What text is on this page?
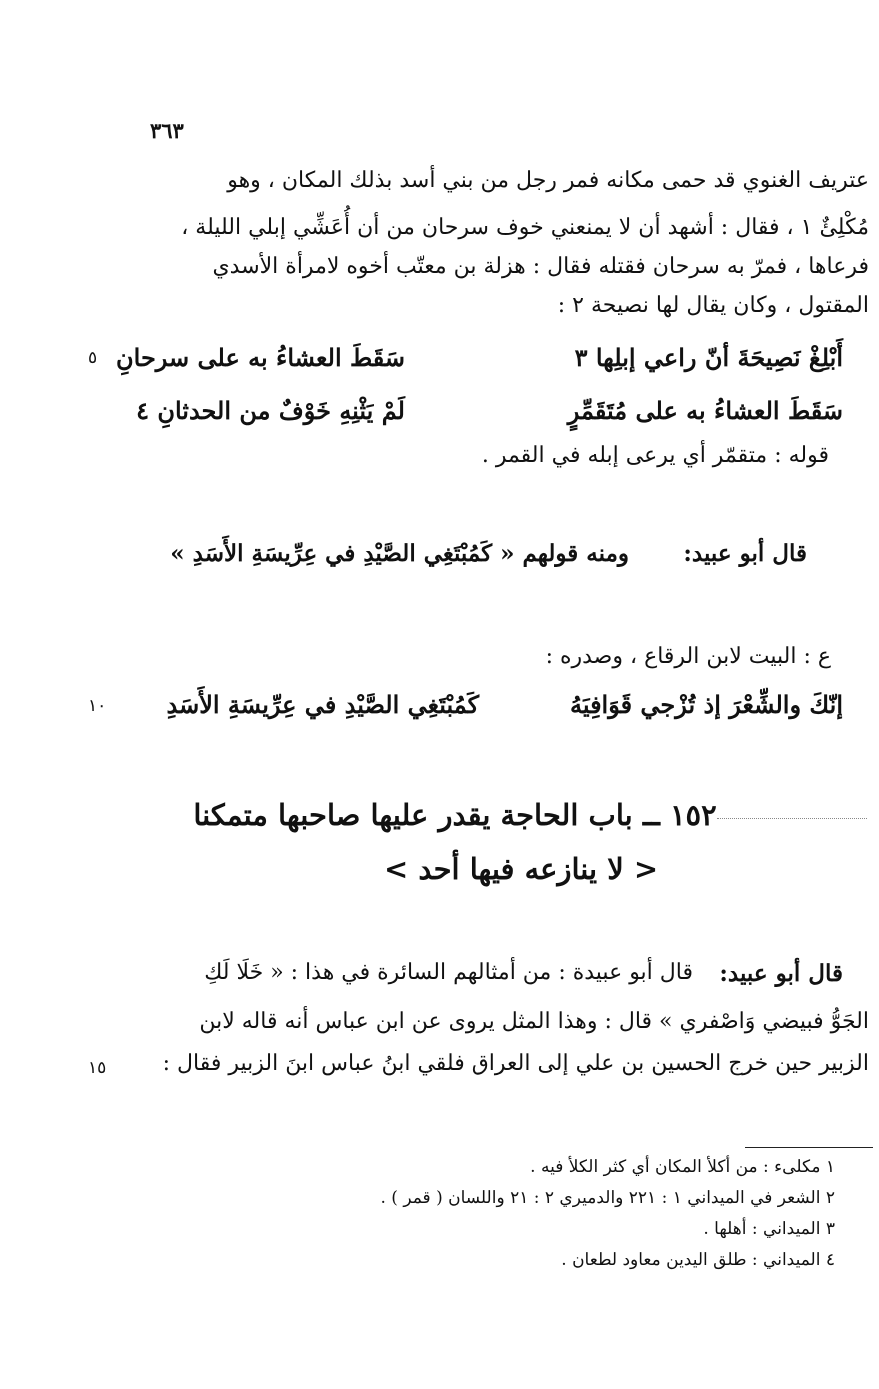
٣٦٣
عتريف الغنوي قد حمى مكانه فمر رجل من بني أسد بذلك المكان ، وهو
مُكْلِئٌ ١ ، فقال : أشهد أن لا يمنعني خوف سرحان من أن أُعَشِّي إبلي الليلة ،
فرعاها ، فمرّ به سرحان فقتله فقال : هزلة بن معتّب أخوه لامرأة الأسدي
المقتول ، وكان يقال لها نصيحة ٢ :
أَبْلِغْ نَصِيحَةَ أنّ راعي إبلِها ٣
سَقَطَ العشاءُ به على سرحانِ
٥
سَقَطَ العشاءُ به على مُتَقَمِّرٍ
لَمْ يَثْنِهِ خَوْفٌ من الحدثانِ ٤
قوله : متقمّر أي يرعى إبله في القمر .
قال أبو عبيد:
ومنه قولهم « كَمُبْتَغِي الصَّيْدِ في عِرِّيسَةِ الأَسَدِ »
ع : البيت لابن الرقاع ، وصدره :
إنّكَ والشِّعْرَ إذ تُزْجي قَوَافِيَهُ
كَمُبْتَغِي الصَّيْدِ في عِرِّيسَةِ الأَسَدِ
١٠
١٥٢ ــ باب الحاجة يقدر عليها صاحبها متمكنا
< لا ينازعه فيها أحد >
قال أبو عبيد:
قال أبو عبيدة : من أمثالهم السائرة في هذا : « خَلَا لَكِ
الجَوُّ فبيضي وَاصْفري » قال : وهذا المثل يروى عن ابن عباس أنه قاله لابن
الزبير حين خرج الحسين بن علي إلى العراق فلقي ابنُ عباس ابنَ الزبير فقال :
١٥
١ مكلىء : من أكلأ المكان أي كثر الكلأ فيه .
٢ الشعر في الميداني ١ : ٢٢١ والدميري ٢ : ٢١ واللسان ( قمر ) .
٣ الميداني : أهلها .
٤ الميداني : طلق اليدين معاود لطعان .
